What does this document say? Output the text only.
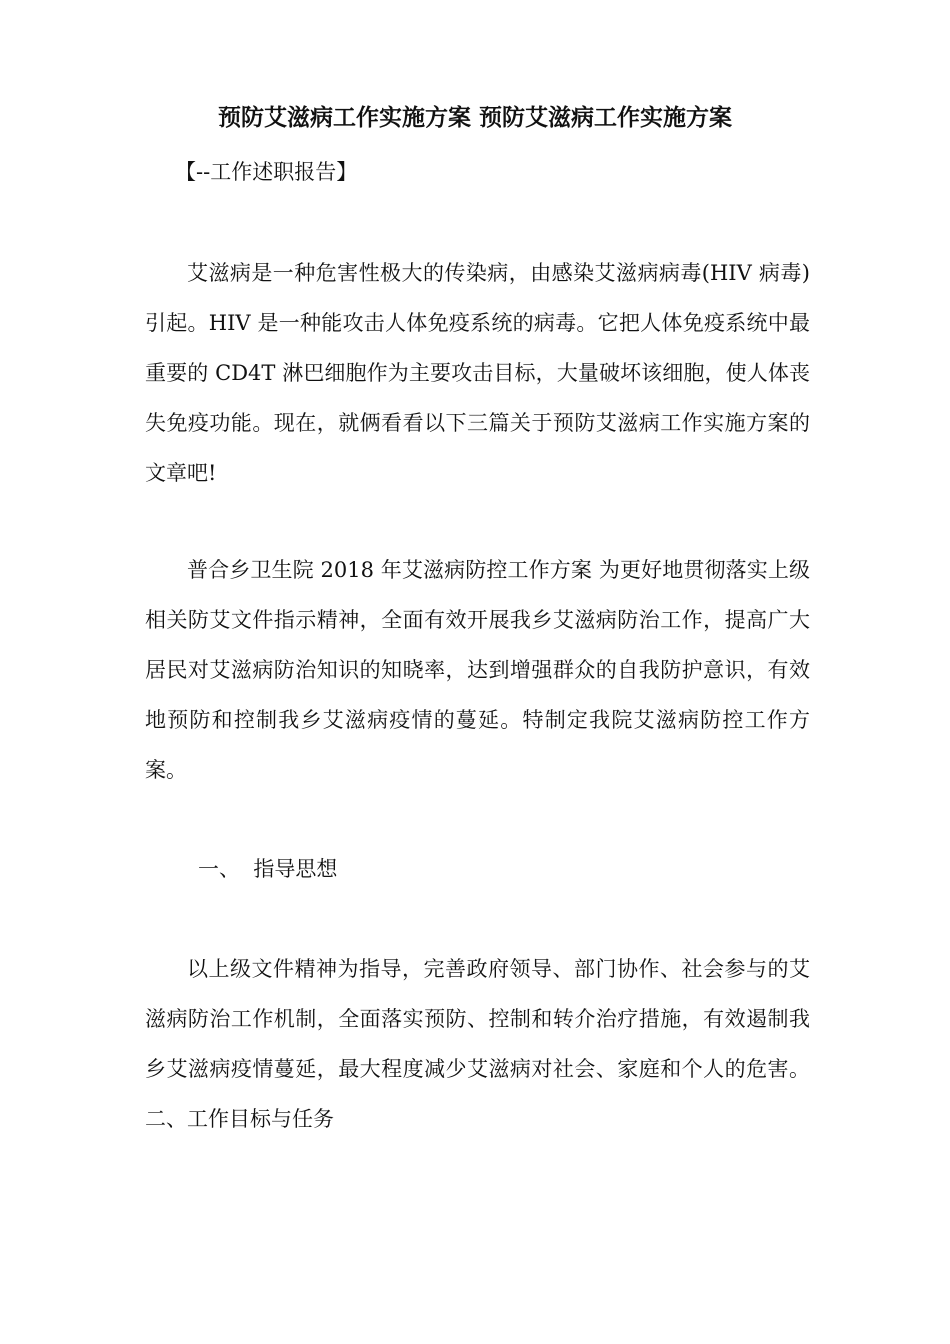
预防艾滋病工作实施方案 预防艾滋病工作实施方案
【--工作述职报告】

艾滋病是一种危害性极大的传染病，由感染艾滋病病毒(HIV 病毒)引起。HIV 是一种能攻击人体免疫系统的病毒。它把人体免疫系统中最重要的 CD4T 淋巴细胞作为主要攻击目标，大量破坏该细胞，使人体丧失免疫功能。现在，就俩看看以下三篇关于预防艾滋病工作实施方案的文章吧!

普合乡卫生院 2018 年艾滋病防控工作方案 为更好地贯彻落实上级相关防艾文件指示精神，全面有效开展我乡艾滋病防治工作，提高广大居民对艾滋病防治知识的知晓率，达到增强群众的自我防护意识，有效地预防和控制我乡艾滋病疫情的蔓延。特制定我院艾滋病防控工作方案。

一、  指导思想

以上级文件精神为指导，完善政府领导、部门协作、社会参与的艾滋病防治工作机制，全面落实预防、控制和转介治疗措施，有效遏制我乡艾滋病疫情蔓延，最大程度减少艾滋病对社会、家庭和个人的危害。 二、工作目标与任务
